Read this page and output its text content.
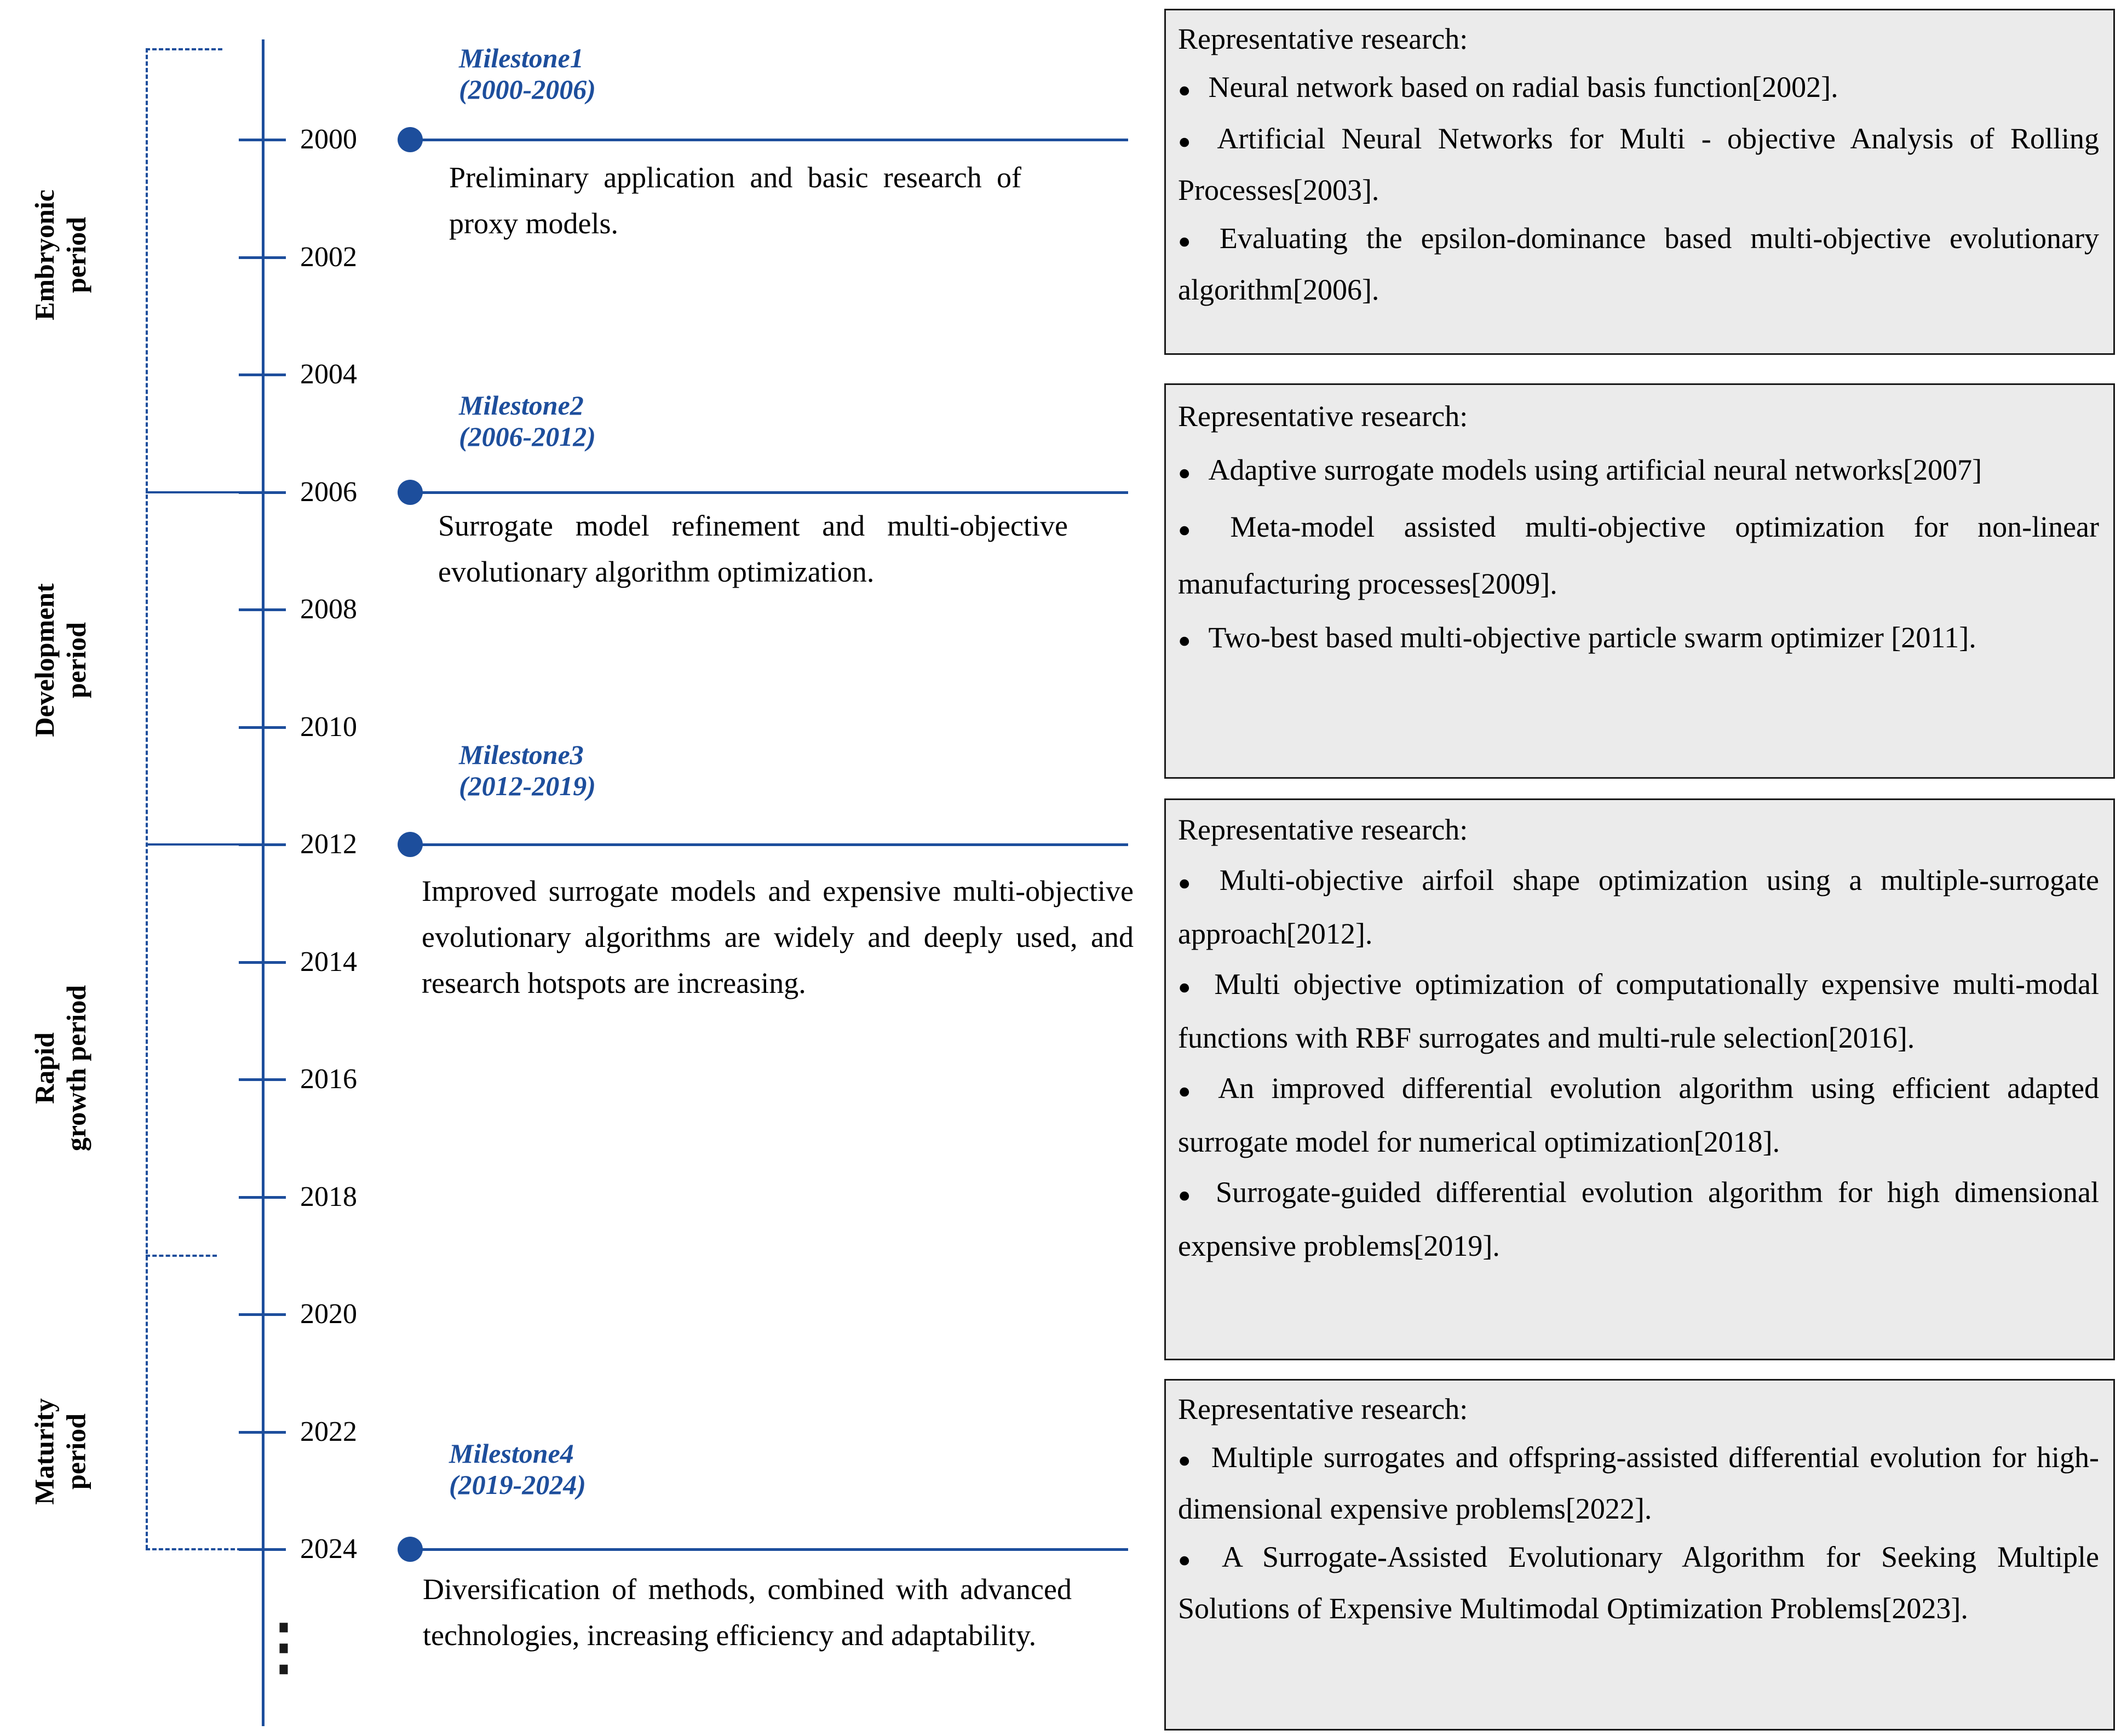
Embryonic
period
Development
period
Rapid
growth period
Maturity
period
2000
2002
2004
2006
2008
2010
2012
2014
2016
2018
2020
2022
2024
Milestone1
(2000-2006)
Preliminary application and basic research of proxy models.
Milestone2
(2006-2012)
Surrogate model refinement and multi-objective evolutionary algorithm optimization.
Milestone3
(2012-2019)
Improved surrogate models and expensive multi-objective evolutionary algorithms are widely and deeply used, and research hotspots are increasing.
Milestone4
(2019-2024)
Diversification of methods, combined with advanced technologies, increasing efficiency and adaptability.
Representative research:
● Neural network based on radial basis function[2002].
● Artificial Neural Networks for Multi - objective Analysis of Rolling Processes[2003].
● Evaluating the epsilon-dominance based multi-objective evolutionary algorithm[2006].
Representative research:
● Adaptive surrogate models using artificial neural networks[2007]
● Meta-model assisted multi-objective optimization for non-linear manufacturing processes[2009].
● Two-best based multi-objective particle swarm optimizer [2011].
Representative research:
● Multi-objective airfoil shape optimization using a multiple-surrogate approach[2012].
● Multi objective optimization of computationally expensive multi-modal functions with RBF surrogates and multi-rule selection[2016].
● An improved differential evolution algorithm using efficient adapted surrogate model for numerical optimization[2018].
● Surrogate-guided differential evolution algorithm for high dimensional expensive problems[2019].
Representative research:
● Multiple surrogates and offspring-assisted differential evolution for high-dimensional expensive problems[2022].
● A Surrogate-Assisted Evolutionary Algorithm for Seeking Multiple Solutions of Expensive Multimodal Optimization Problems[2023].
⋮
